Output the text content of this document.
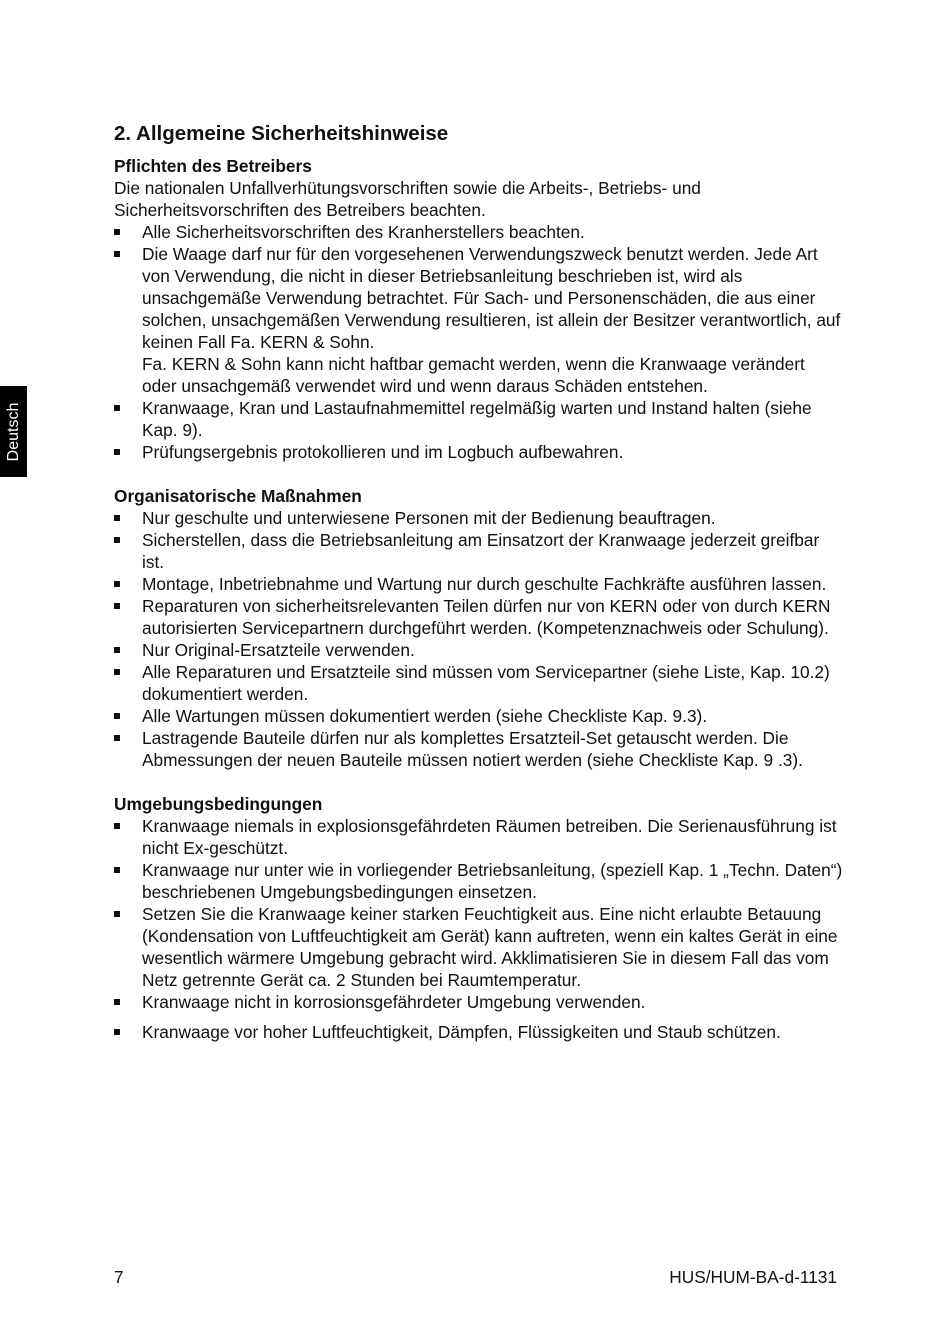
Deutsch
2. Allgemeine Sicherheitshinweise
Pflichten des Betreibers

Die nationalen Unfallverhütungsvorschriften sowie die Arbeits-, Betriebs- und Sicherheitsvorschriften des Betreibers beachten.

Alle Sicherheitsvorschriften des Kranherstellers beachten.
Die Waage darf nur für den vorgesehenen Verwendungszweck benutzt werden. Jede Art von Verwendung, die nicht in dieser Betriebsanleitung beschrieben ist, wird als unsachgemäße Verwendung betrachtet. Für Sach- und Personenschäden, die aus einer solchen, unsachgemäßen Verwendung resultieren, ist allein der Besitzer verantwortlich, auf keinen Fall Fa. KERN & Sohn.
Fa. KERN & Sohn kann nicht haftbar gemacht werden, wenn die Kranwaage verändert oder unsachgemäß verwendet wird und wenn daraus Schäden entstehen.
Kranwaage, Kran und Lastaufnahmemittel regelmäßig warten und Instand halten (siehe Kap. 9).
Prüfungsergebnis protokollieren und im Logbuch aufbewahren.
Organisatorische Maßnahmen
Nur geschulte und unterwiesene Personen mit der Bedienung beauftragen.
Sicherstellen, dass die Betriebsanleitung am Einsatzort der Kranwaage jederzeit greifbar ist.
Montage, Inbetriebnahme und Wartung nur durch geschulte Fachkräfte ausführen lassen.
Reparaturen von sicherheitsrelevanten Teilen dürfen nur von KERN oder von durch KERN autorisierten Servicepartnern durchgeführt werden. (Kompetenznachweis oder Schulung).
Nur Original-Ersatzteile verwenden.
Alle Reparaturen und Ersatzteile sind müssen vom Servicepartner (siehe Liste, Kap. 10.2) dokumentiert werden.
Alle Wartungen müssen dokumentiert werden (siehe Checkliste Kap. 9.3).
Lastragende Bauteile dürfen nur als komplettes Ersatzteil-Set getauscht werden. Die Abmessungen der neuen Bauteile müssen notiert werden (siehe Checkliste Kap. 9 .3).
Umgebungsbedingungen
Kranwaage niemals in explosionsgefährdeten Räumen betreiben. Die Serienausführung ist nicht Ex-geschützt.
Kranwaage nur unter wie in vorliegender Betriebsanleitung, (speziell Kap. 1 „Techn. Daten“) beschriebenen Umgebungsbedingungen einsetzen.
Setzen Sie die Kranwaage keiner starken Feuchtigkeit aus. Eine nicht erlaubte Betauung (Kondensation von Luftfeuchtigkeit am Gerät) kann auftreten, wenn ein kaltes Gerät in eine wesentlich wärmere Umgebung gebracht wird. Akklimatisieren Sie in diesem Fall das vom Netz getrennte Gerät ca. 2 Stunden bei Raumtemperatur.
Kranwaage nicht in korrosionsgefährdeter Umgebung verwenden.
Kranwaage vor hoher Luftfeuchtigkeit, Dämpfen, Flüssigkeiten und Staub schützen.
7	HUS/HUM-BA-d-1131
